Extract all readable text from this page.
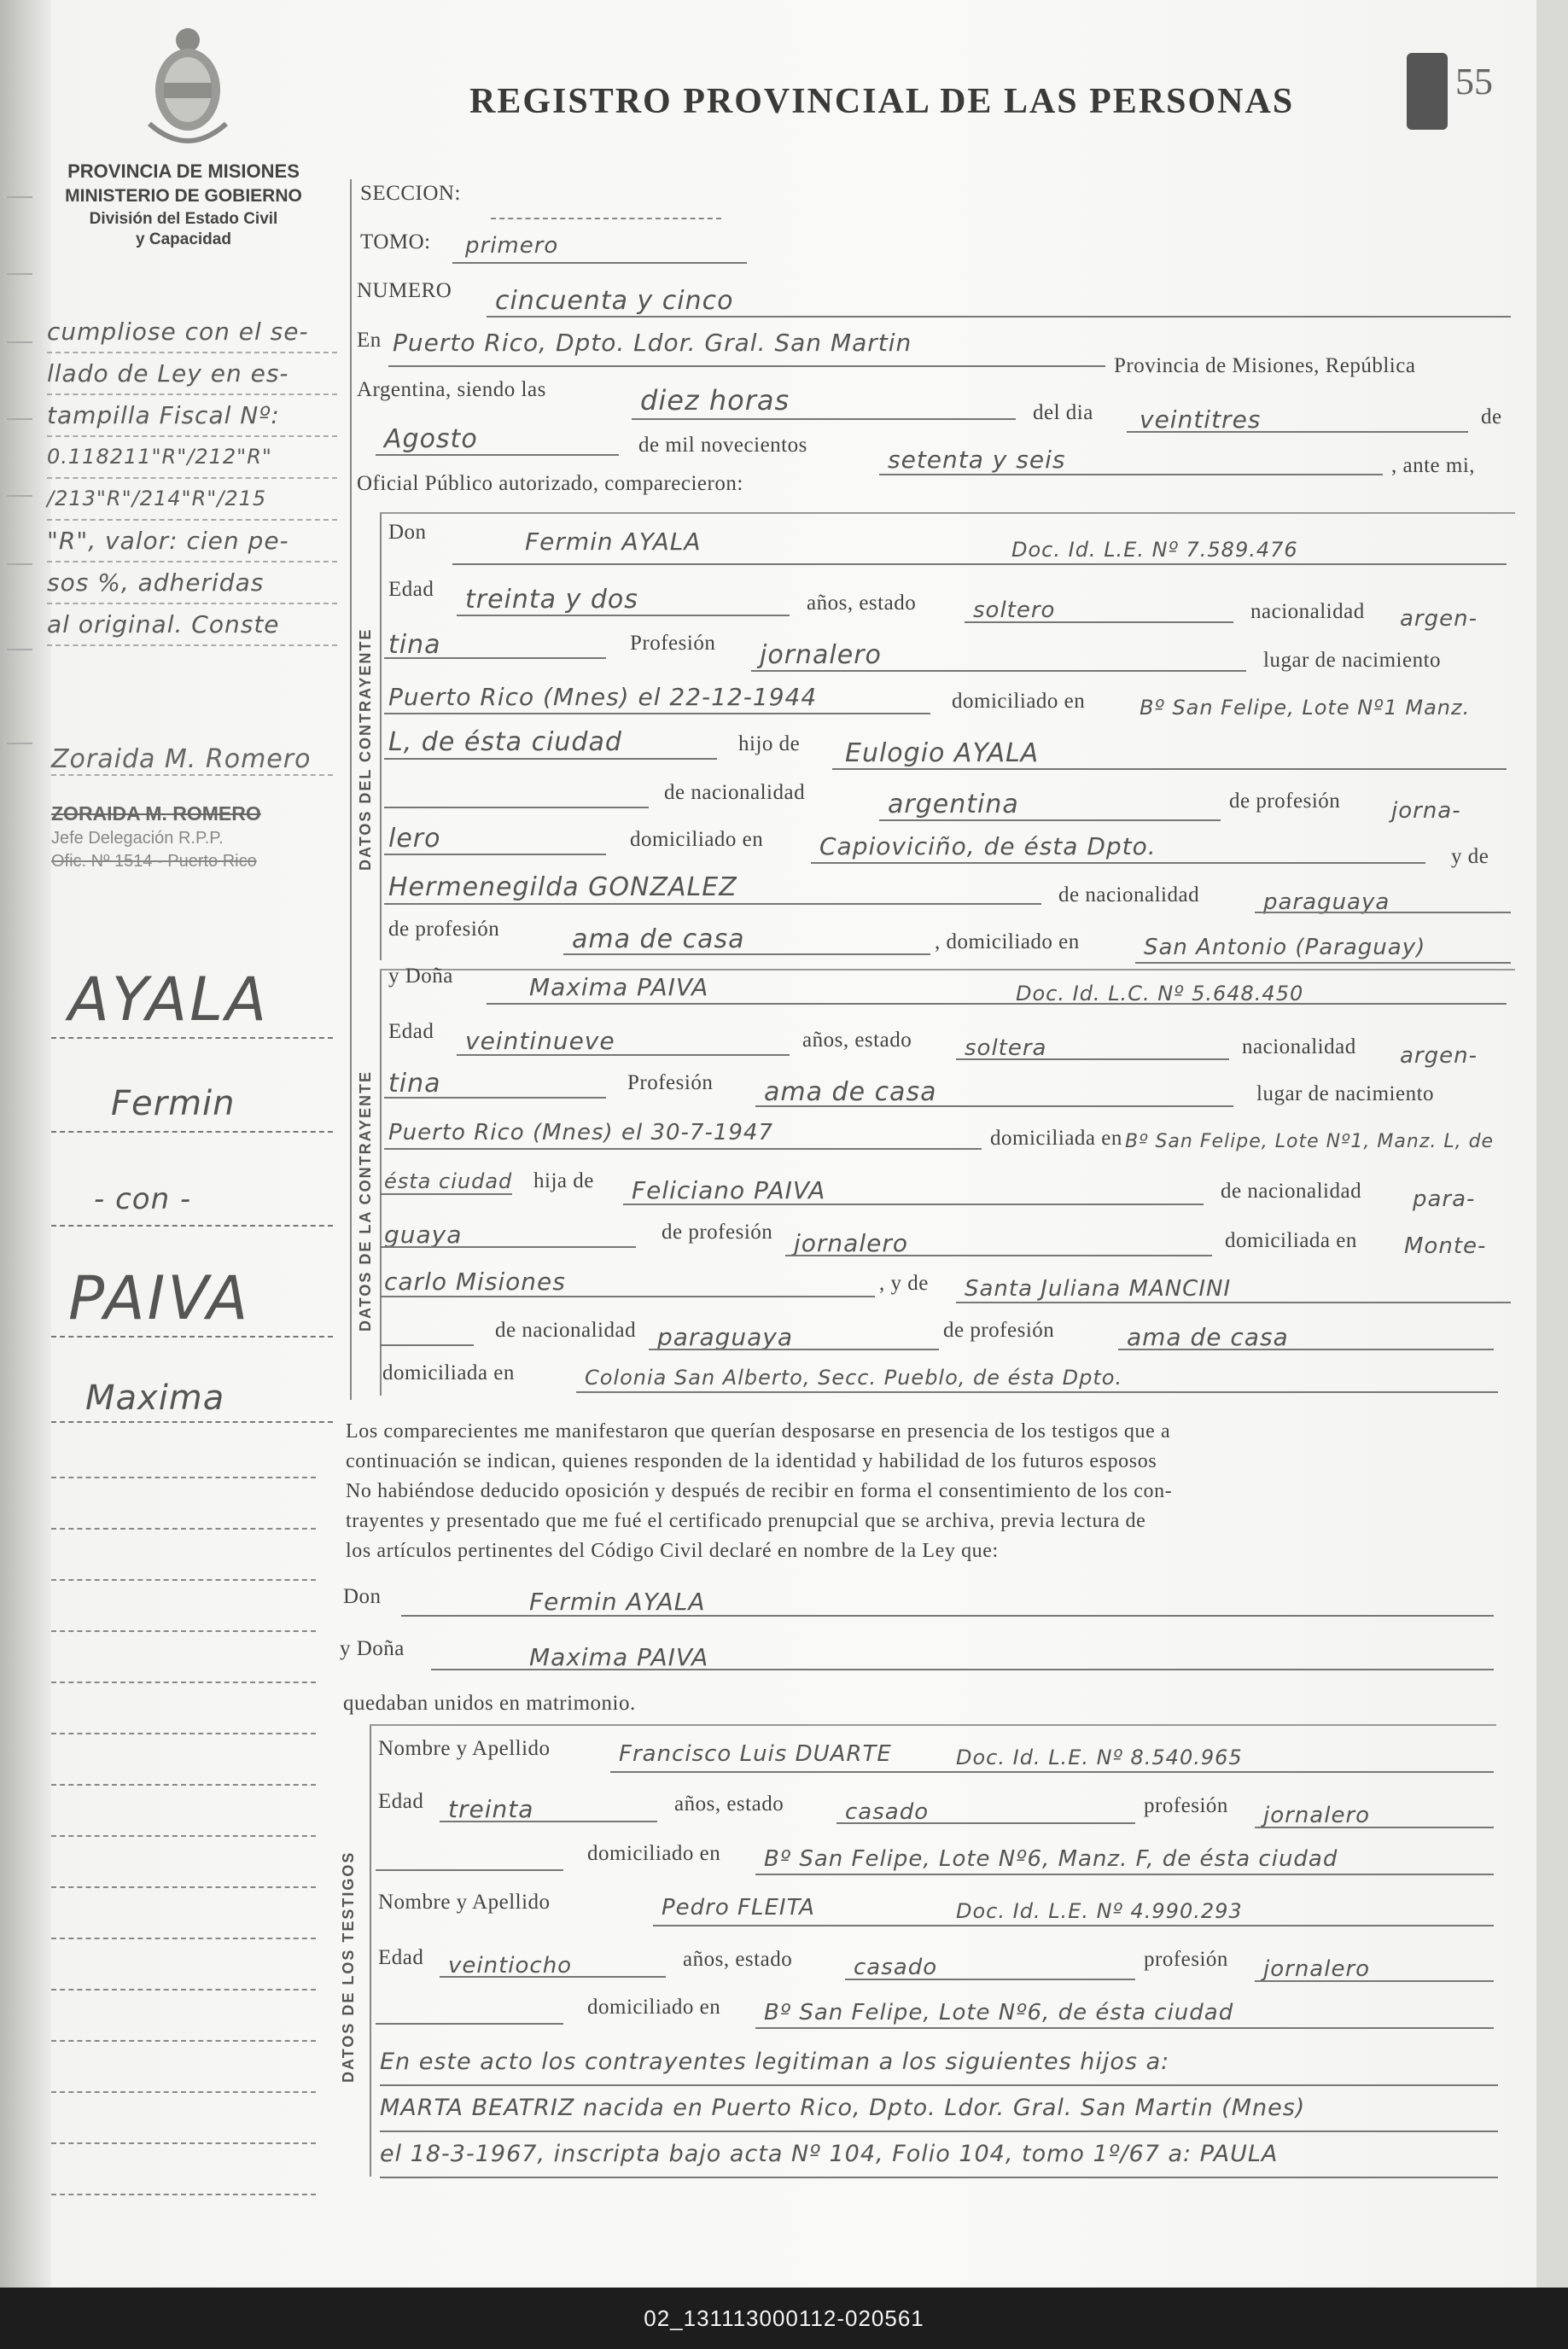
PROVINCIA DE MISIONES
MINISTERIO DE GOBIERNO
División del Estado Civil
y Capacidad
REGISTRO PROVINCIAL DE LAS PERSONAS	55
cumpliose con el se-
llado de Ley en es-
tampilla Fiscal Nº:
0.118211"R"/212"R"
/213"R"/214"R"/215
"R", valor: cien pe-
sos %, adheridas
al original. Conste
Zoraida M. Romero
ZORAIDA M. ROMERO
Jefe Delegación R.P.P.
Ofic. Nº 1514 - Puerto Rico
AYALA
Fermin
- con -
PAIVA
Maxima
SECCION:
TOMO: primero
NUMERO cincuenta y cinco
En Puerto Rico, Dpto. Ldor. Gral. San Martin
Provincia de Misiones, República
Argentina, siendo las	diez horas	del dia veintitres	de
Agosto	de mil novecientos
setenta y seis	, ante mi,
Oficial Público autorizado, comparecieron:
DATOS DEL CONTRAYENTE
Don	Fermin AYALA	Doc. Id. L.E. Nº 7.589.476
Edad treinta y dos	años, estado	soltero	nacionalidad argen-
tina	Profesión jornalero	lugar de nacimiento
Puerto Rico (Mnes) el 22-12-1944	domiciliado en	Bº San Felipe, Lote Nº1 Manz.
L, de ésta ciudad	hijo de Eulogio AYALA
de nacionalidad	argentina	de profesión jorna-
lero	domiciliado en Capioviciño, de ésta Dpto.	y de
Hermenegilda GONZALEZ	de nacionalidad	paraguaya
de profesión	ama de casa	, domiciliado en	San Antonio (Paraguay)
DATOS DE LA CONTRAYENTE
y Doña	Maxima PAIVA	Doc. Id. L.C. Nº 5.648.450
Edad veintinueve	años, estado soltera	nacionalidad argen-
tina	Profesión ama de casa	lugar de nacimiento
Puerto Rico (Mnes) el 30-7-1947	domiciliada en Bº San Felipe, Lote Nº1, Manz. L, de
ésta ciudad hija de Feliciano PAIVA	de nacionalidad para-
guaya	de profesión jornalero	domiciliada en Monte-
carlo Misiones	, y de Santa Juliana MANCINI
de nacionalidad paraguaya	de profesión	ama de casa
domiciliada en	Colonia San Alberto, Secc. Pueblo, de ésta Dpto.
Los comparecientes me manifestaron que querían desposarse en presencia de los testigos que a
continuación se indican, quienes responden de la identidad y habilidad de los futuros esposos
No habiéndose deducido oposición y después de recibir en forma el consentimiento de los con-
trayentes y presentado que me fué el certificado prenupcial que se archiva, previa lectura de
los artículos pertinentes del Código Civil declaré en nombre de la Ley que:
Don	Fermin AYALA
y Doña	Maxima PAIVA
quedaban unidos en matrimonio.
DATOS DE LOS TESTIGOS
Nombre y Apellido	Francisco Luis DUARTE	Doc. Id. L.E. Nº 8.540.965
Edad treinta	años, estado	casado	profesión jornalero
domiciliado en Bº San Felipe, Lote Nº6, Manz. F, de ésta ciudad
Nombre y Apellido	Pedro FLEITA	Doc. Id. L.E. Nº 4.990.293
Edad veintiocho	años, estado	casado	profesión jornalero
domiciliado en Bº San Felipe, Lote Nº6, de ésta ciudad
En este acto los contrayentes legitiman a los siguientes hijos a:
MARTA BEATRIZ nacida en Puerto Rico, Dpto. Ldor. Gral. San Martin (Mnes)
el 18-3-1967, inscripta bajo acta Nº 104, Folio 104, tomo 1º/67 a: PAULA
02_131113000112-020561
